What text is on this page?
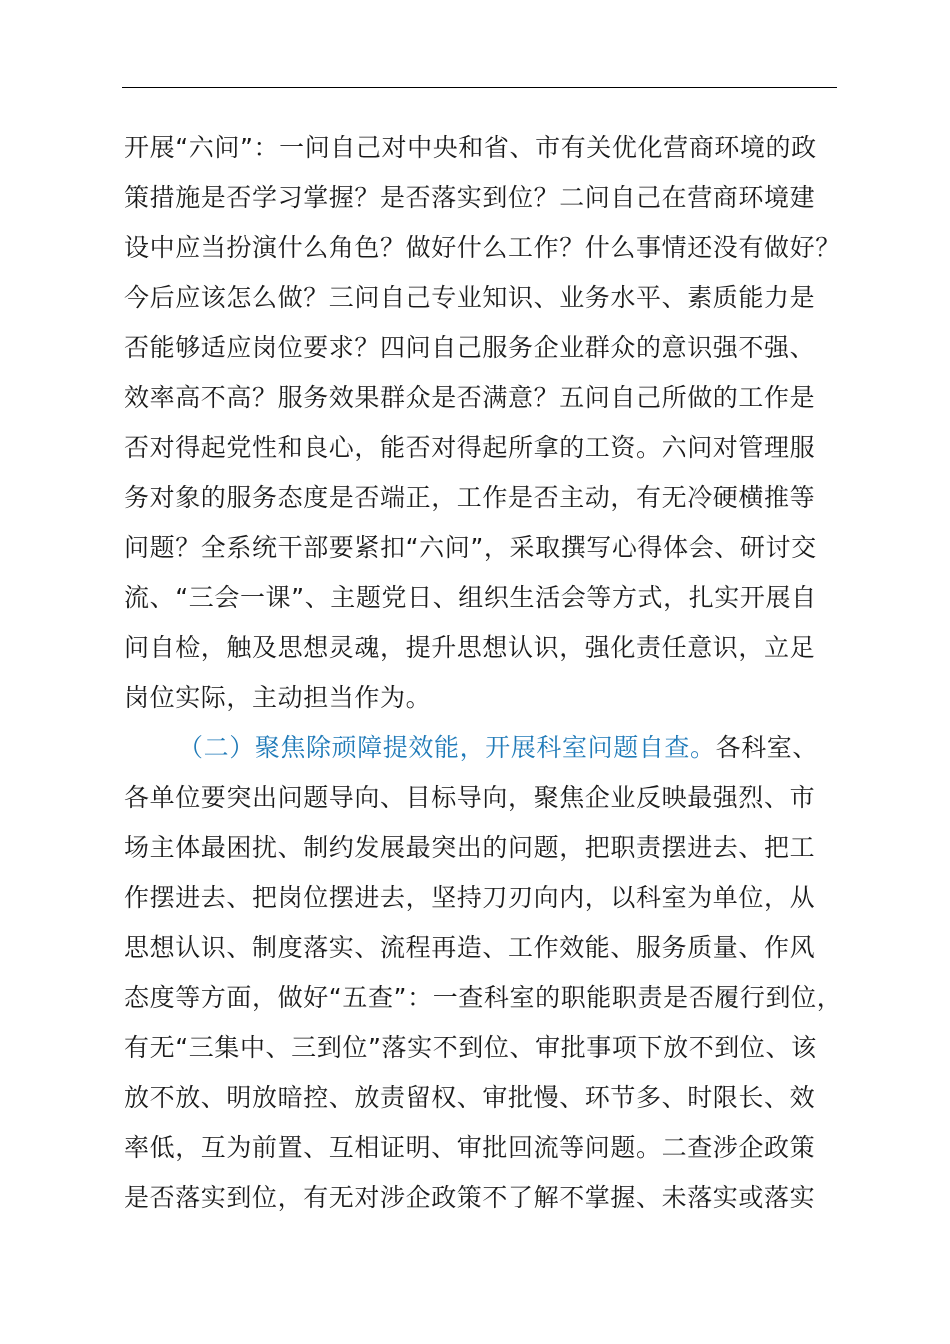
开展“六问”：一问自己对中央和省、市有关优化营商环境的政
策措施是否学习掌握？是否落实到位？二问自己在营商环境建
设中应当扮演什么角色？做好什么工作？什么事情还没有做好？
今后应该怎么做？三问自己专业知识、业务水平、素质能力是
否能够适应岗位要求？四问自己服务企业群众的意识强不强、
效率高不高？服务效果群众是否满意？五问自己所做的工作是
否对得起党性和良心，能否对得起所拿的工资。六问对管理服
务对象的服务态度是否端正，工作是否主动，有无冷硬横推等
问题？全系统干部要紧扣“六问”，采取撰写心得体会、研讨交
流、“三会一课”、主题党日、组织生活会等方式，扎实开展自
问自检，触及思想灵魂，提升思想认识，强化责任意识，立足
岗位实际，主动担当作为。
（二）聚焦除顽障提效能，开展科室问题自查。各科室、
各单位要突出问题导向、目标导向，聚焦企业反映最强烈、市
场主体最困扰、制约发展最突出的问题，把职责摆进去、把工
作摆进去、把岗位摆进去，坚持刀刃向内，以科室为单位，从
思想认识、制度落实、流程再造、工作效能、服务质量、作风
态度等方面，做好“五查”：一查科室的职能职责是否履行到位，
有无“三集中、三到位”落实不到位、审批事项下放不到位、该
放不放、明放暗控、放责留权、审批慢、环节多、时限长、效
率低，互为前置、互相证明、审批回流等问题。二查涉企政策
是否落实到位，有无对涉企政策不了解不掌握、未落实或落实
